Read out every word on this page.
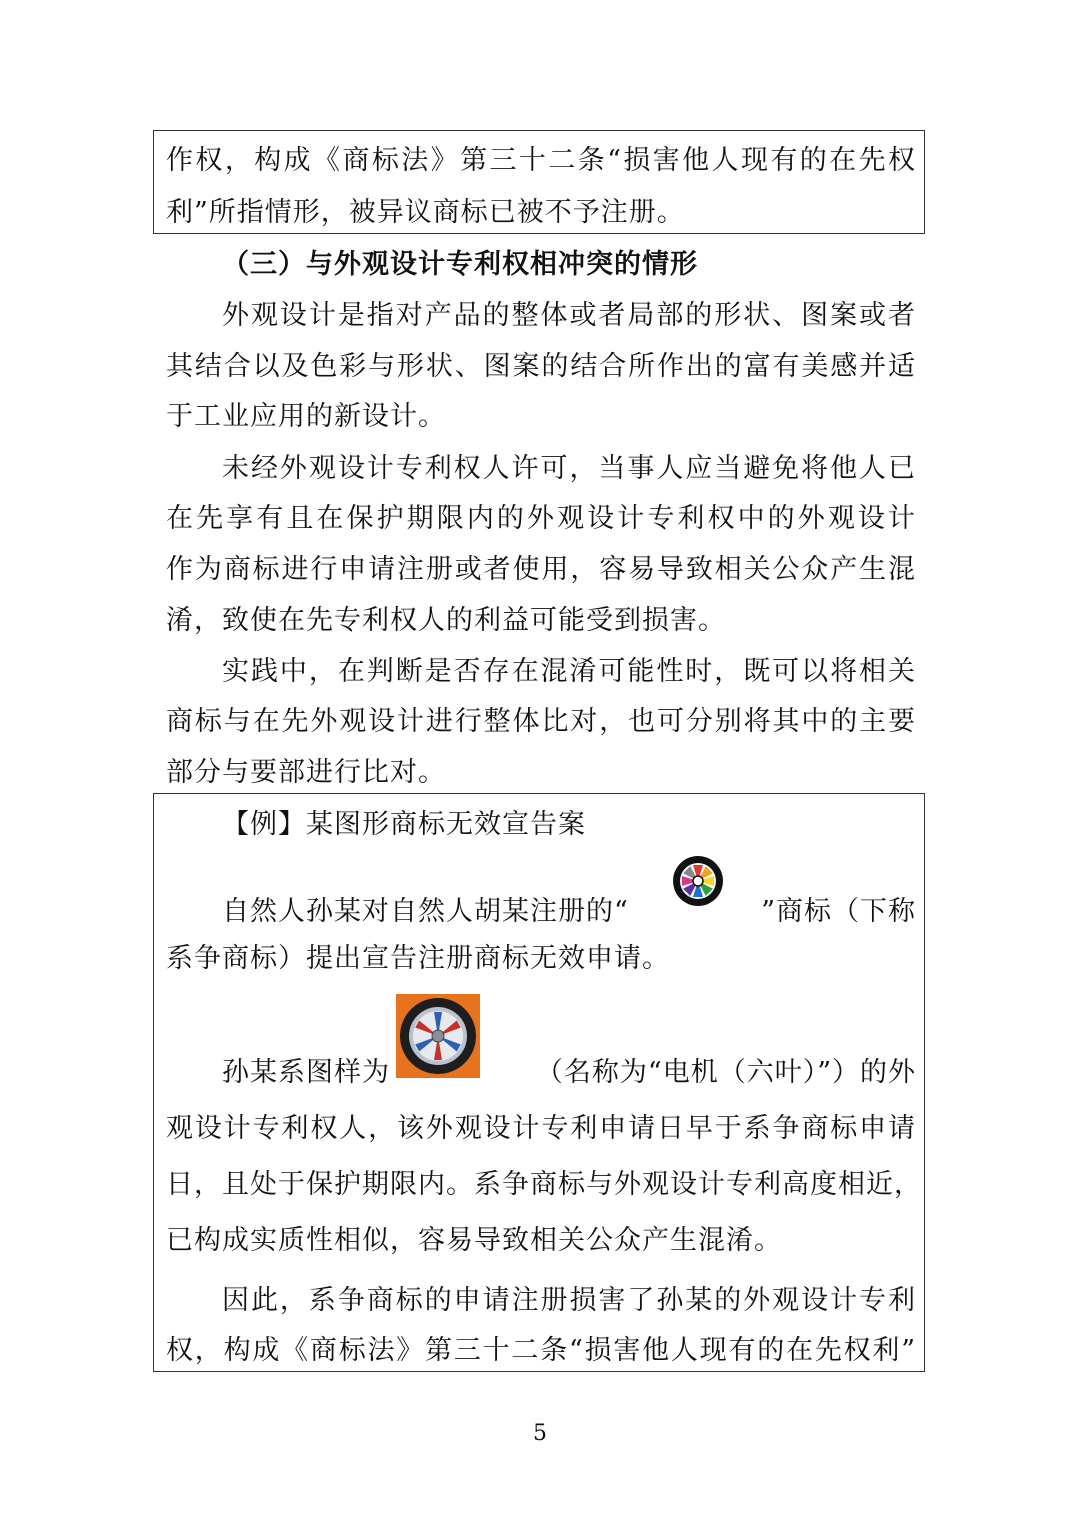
作权，构成《商标法》第三十二条“损害他人现有的在先权
利”所指情形，被异议商标已被不予注册。
（三）与外观设计专利权相冲突的情形
外观设计是指对产品的整体或者局部的形状、图案或者
其结合以及色彩与形状、图案的结合所作出的富有美感并适
于工业应用的新设计。
未经外观设计专利权人许可，当事人应当避免将他人已
在先享有且在保护期限内的外观设计专利权中的外观设计
作为商标进行申请注册或者使用，容易导致相关公众产生混
淆，致使在先专利权人的利益可能受到损害。
实践中，在判断是否存在混淆可能性时，既可以将相关
商标与在先外观设计进行整体比对，也可分别将其中的主要
部分与要部进行比对。
【例】某图形商标无效宣告案
自然人孙某对自然人胡某注册的“	”商标（下称
系争商标）提出宣告注册商标无效申请。
孙某系图样为	（名称为“电机（六叶）”）的外
观设计专利权人，该外观设计专利申请日早于系争商标申请
日，且处于保护期限内。系争商标与外观设计专利高度相近，
已构成实质性相似，容易导致相关公众产生混淆。
因此，系争商标的申请注册损害了孙某的外观设计专利
权，构成《商标法》第三十二条“损害他人现有的在先权利”
5
